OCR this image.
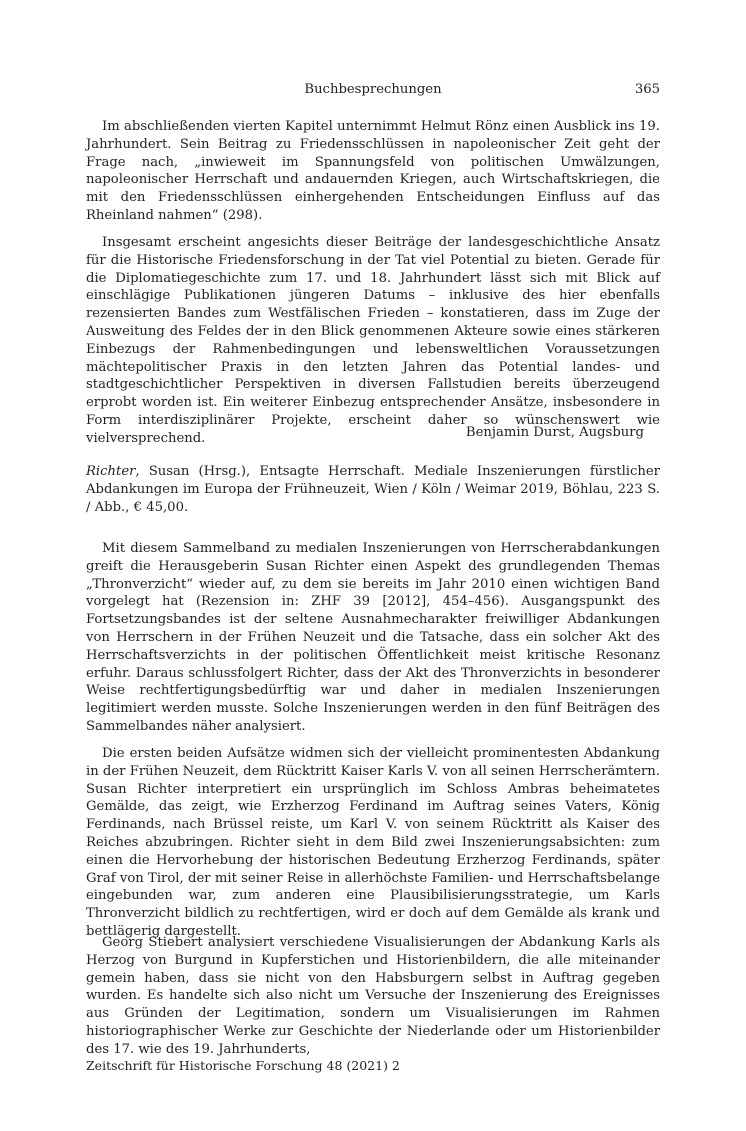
Buchbesprechungen	365

Im abschließenden vierten Kapitel unternimmt Helmut Rönz einen Ausblick ins 19. Jahrhundert. Sein Beitrag zu Friedensschlüssen in napoleonischer Zeit geht der Frage nach, „inwieweit im Spannungsfeld von politischen Umwälzungen, napoleonischer Herrschaft und andauernden Kriegen, auch Wirtschaftskriegen, die mit den Friedensschlüssen einhergehenden Entscheidungen Einfluss auf das Rheinland nahmen“ (298).

Insgesamt erscheint angesichts dieser Beiträge der landesgeschichtliche Ansatz für die Historische Friedensforschung in der Tat viel Potential zu bieten. Gerade für die Diplomatiegeschichte zum 17. und 18. Jahrhundert lässt sich mit Blick auf einschlägige Publikationen jüngeren Datums – inklusive des hier ebenfalls rezensierten Bandes zum Westfälischen Frieden – konstatieren, dass im Zuge der Ausweitung des Feldes der in den Blick genommenen Akteure sowie eines stärkeren Einbezugs der Rahmenbedingungen und lebensweltlichen Voraussetzungen mächtepolitischer Praxis in den letzten Jahren das Potential landes- und stadtgeschichtlicher Perspektiven in diversen Fallstudien bereits überzeugend erprobt worden ist. Ein weiterer Einbezug entsprechender Ansätze, insbesondere in Form interdisziplinärer Projekte, erscheint daher so wünschenswert wie vielversprechend.	Benjamin Durst, Augsburg

Richter, Susan (Hrsg.), Entsagte Herrschaft. Mediale Inszenierungen fürstlicher Abdankungen im Europa der Frühneuzeit, Wien / Köln / Weimar 2019, Böhlau, 223 S. / Abb., € 45,00.

Mit diesem Sammelband zu medialen Inszenierungen von Herrscherabdankungen greift die Herausgeberin Susan Richter einen Aspekt des grundlegenden Themas „Thronverzicht“ wieder auf, zu dem sie bereits im Jahr 2010 einen wichtigen Band vorgelegt hat (Rezension in: ZHF 39 [2012], 454–456). Ausgangspunkt des Fortsetzungsbandes ist der seltene Ausnahmecharakter freiwilliger Abdankungen von Herrschern in der Frühen Neuzeit und die Tatsache, dass ein solcher Akt des Herrschaftsverzichts in der politischen Öffentlichkeit meist kritische Resonanz erfuhr. Daraus schlussfolgert Richter, dass der Akt des Thronverzichts in besonderer Weise rechtfertigungsbedürftig war und daher in medialen Inszenierungen legitimiert werden musste. Solche Inszenierungen werden in den fünf Beiträgen des Sammelbandes näher analysiert.

Die ersten beiden Aufsätze widmen sich der vielleicht prominentesten Abdankung in der Frühen Neuzeit, dem Rücktritt Kaiser Karls V. von all seinen Herrscherämtern. Susan Richter interpretiert ein ursprünglich im Schloss Ambras beheimatetes Gemälde, das zeigt, wie Erzherzog Ferdinand im Auftrag seines Vaters, König Ferdinands, nach Brüssel reiste, um Karl V. von seinem Rücktritt als Kaiser des Reiches abzubringen. Richter sieht in dem Bild zwei Inszenierungsabsichten: zum einen die Hervorhebung der historischen Bedeutung Erzherzog Ferdinands, später Graf von Tirol, der mit seiner Reise in allerhöchste Familien- und Herrschaftsbelange eingebunden war, zum anderen eine Plausibilisierungsstrategie, um Karls Thronverzicht bildlich zu rechtfertigen, wird er doch auf dem Gemälde als krank und bettlägerig dargestellt.

Georg Stiebert analysiert verschiedene Visualisierungen der Abdankung Karls als Herzog von Burgund in Kupferstichen und Historienbildern, die alle miteinander gemein haben, dass sie nicht von den Habsburgern selbst in Auftrag gegeben wurden. Es handelte sich also nicht um Versuche der Inszenierung des Ereignisses aus Gründen der Legitimation, sondern um Visualisierungen im Rahmen historiographischer Werke zur Geschichte der Niederlande oder um Historienbilder des 17. wie des 19. Jahrhunderts,

Zeitschrift für Historische Forschung 48 (2021) 2
